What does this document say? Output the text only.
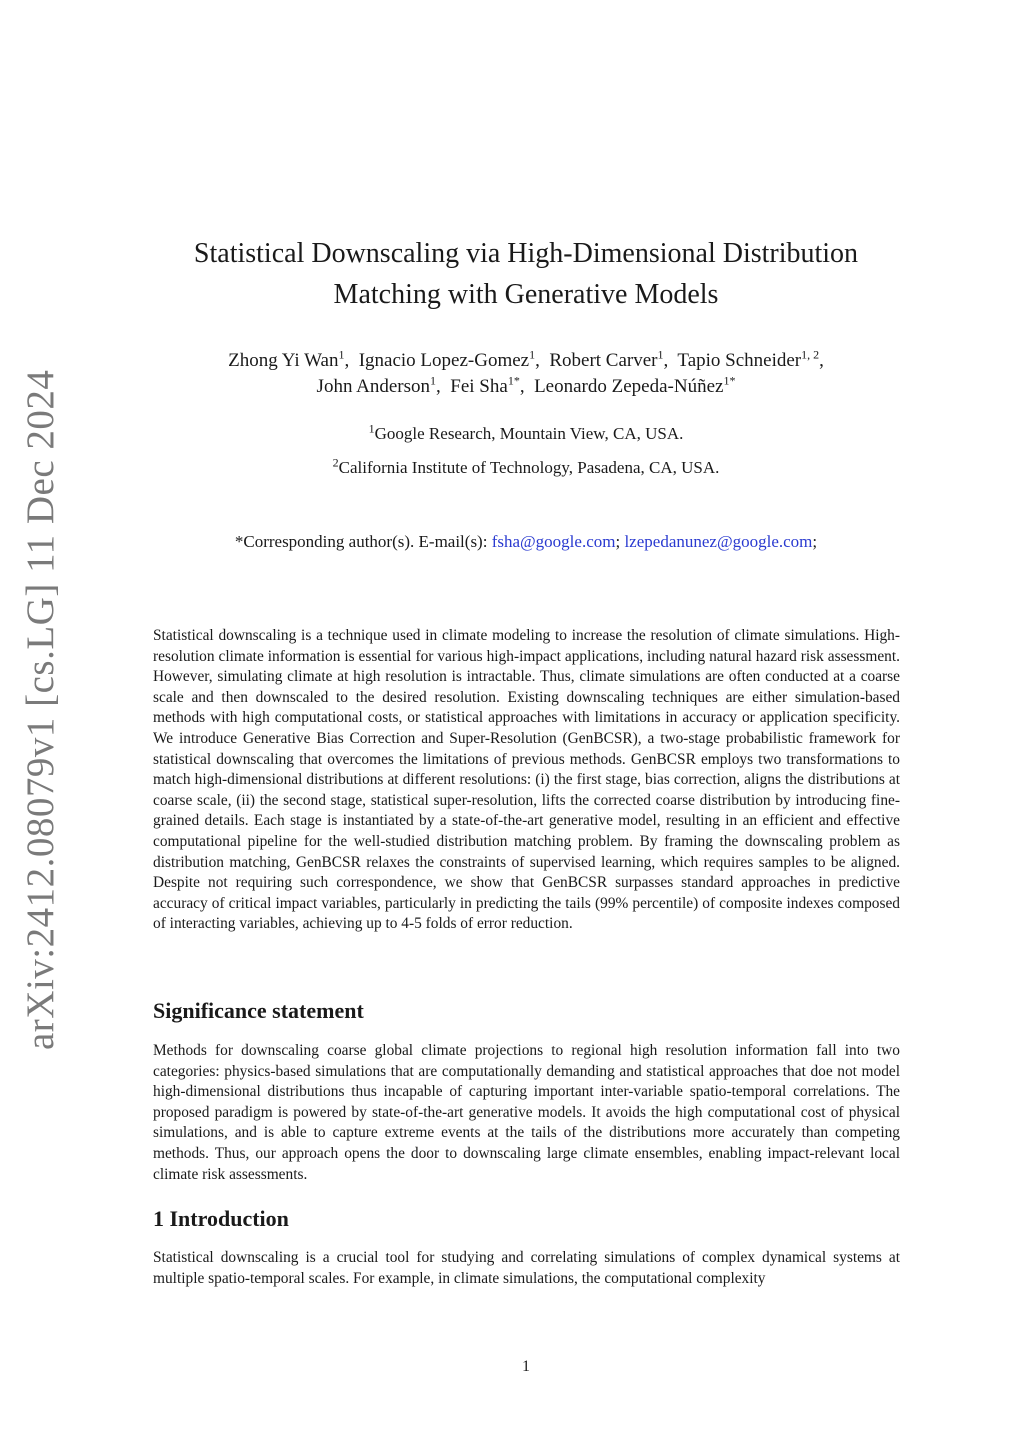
arXiv:2412.08079v1 [cs.LG] 11 Dec 2024
Statistical Downscaling via High-Dimensional Distribution
Matching with Generative Models
Zhong Yi Wan$^1$,  Ignacio Lopez-Gomez$^1$,  Robert Carver$^1$,  Tapio Schneider$^{1, 2}$,
John Anderson$^1$,  Fei Sha$^{1*}$,  Leonardo Zepeda-Núñez$^{1*}$
$^1$Google Research, Mountain View, CA, USA.
$^2$California Institute of Technology, Pasadena, CA, USA.
*Corresponding author(s). E-mail(s): fsha@google.com; lzepedanunez@google.com;
Statistical downscaling is a technique used in climate modeling to increase the resolution of climate simulations. High-resolution climate information is essential for various high-impact applications, including natural hazard risk assessment. However, simulating climate at high resolution is intractable. Thus, climate simulations are often conducted at a coarse scale and then downscaled to the desired resolution. Existing downscaling techniques are either simulation-based methods with high computational costs, or statistical approaches with limitations in accuracy or application specificity. We introduce Generative Bias Correction and Super-Resolution (GenBCSR), a two-stage probabilistic framework for statistical downscaling that overcomes the limitations of previous methods. GenBCSR employs two transformations to match high-dimensional distributions at different resolutions: (i) the first stage, bias correction, aligns the distributions at coarse scale, (ii) the second stage, statistical super-resolution, lifts the corrected coarse distribution by introducing fine-grained details. Each stage is instantiated by a state-of-the-art generative model, resulting in an efficient and effective computational pipeline for the well-studied distribution matching problem. By framing the downscaling problem as distribution matching, GenBCSR relaxes the constraints of supervised learning, which requires samples to be aligned. Despite not requiring such correspondence, we show that GenBCSR surpasses standard approaches in predictive accuracy of critical impact variables, particularly in predicting the tails (99% percentile) of composite indexes composed of interacting variables, achieving up to 4-5 folds of error reduction.
Significance statement
Methods for downscaling coarse global climate projections to regional high resolution information fall into two categories: physics-based simulations that are computationally demanding and statistical approaches that doe not model high-dimensional distributions thus incapable of capturing important inter-variable spatio-temporal correlations. The proposed paradigm is powered by state-of-the-art generative models. It avoids the high computational cost of physical simulations, and is able to capture extreme events at the tails of the distributions more accurately than competing methods. Thus, our approach opens the door to downscaling large climate ensembles, enabling impact-relevant local climate risk assessments.
1 Introduction
Statistical downscaling is a crucial tool for studying and correlating simulations of complex dynamical systems at multiple spatio-temporal scales. For example, in climate simulations, the computational complexity
1
